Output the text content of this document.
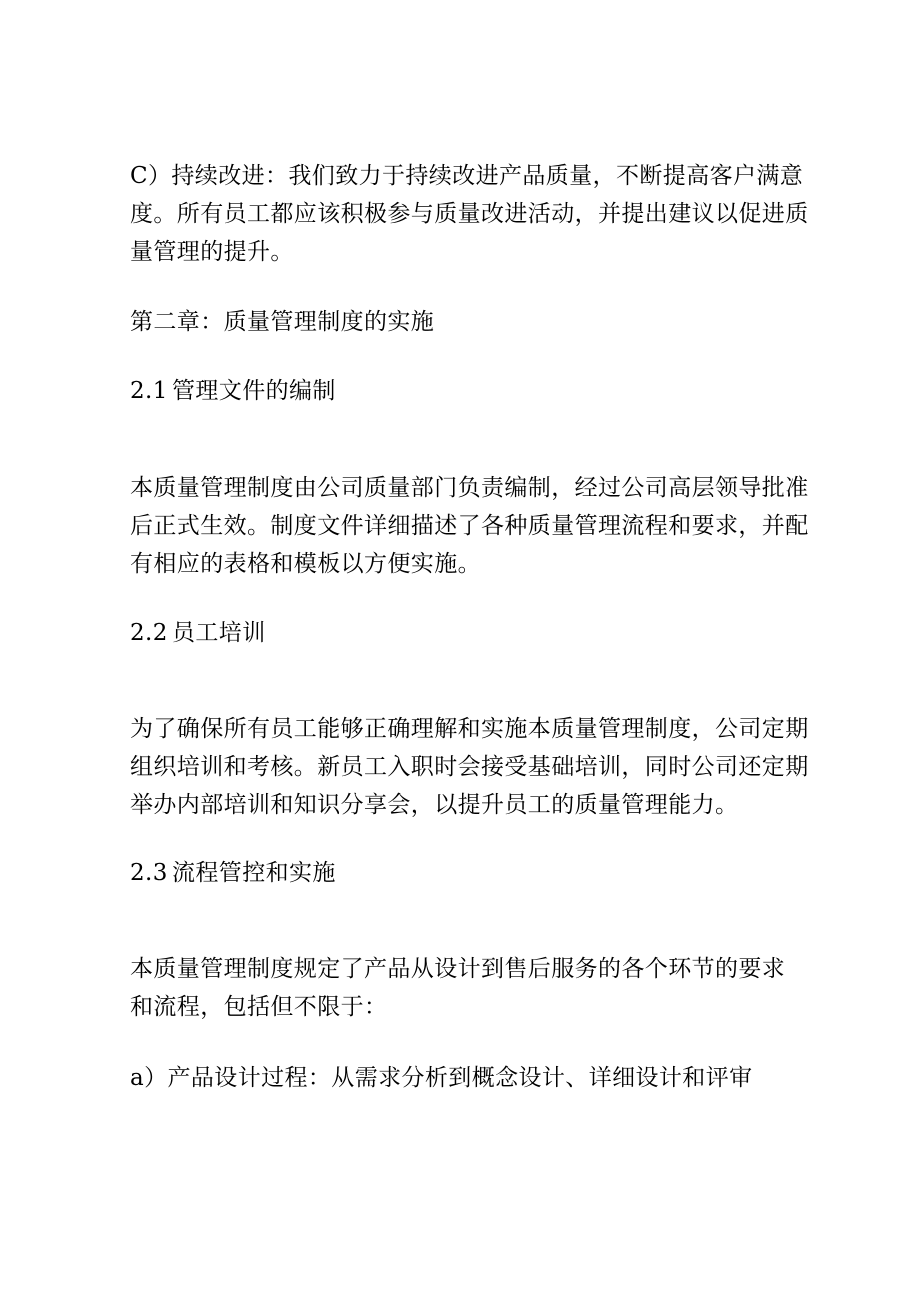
C）持续改进：我们致力于持续改进产品质量，不断提高客户满意
度。所有员工都应该积极参与质量改进活动，并提出建议以促进质
量管理的提升。
第二章：质量管理制度的实施
2.1 管理文件的编制
本质量管理制度由公司质量部门负责编制，经过公司高层领导批准
后正式生效。制度文件详细描述了各种质量管理流程和要求，并配
有相应的表格和模板以方便实施。
2.2 员工培训
为了确保所有员工能够正确理解和实施本质量管理制度，公司定期
组织培训和考核。新员工入职时会接受基础培训，同时公司还定期
举办内部培训和知识分享会，以提升员工的质量管理能力。
2.3 流程管控和实施
本质量管理制度规定了产品从设计到售后服务的各个环节的要求
和流程，包括但不限于：
a）产品设计过程：从需求分析到概念设计、详细设计和评审
